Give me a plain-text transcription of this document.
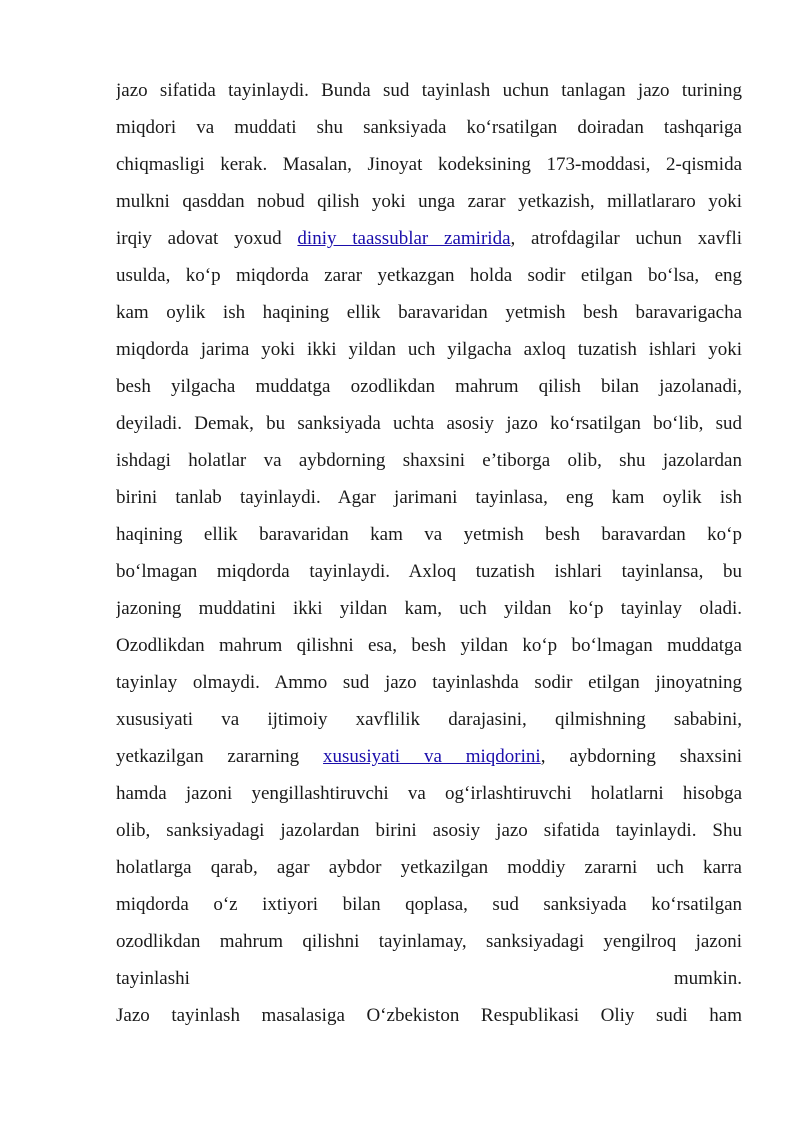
jazo sifatida tayinlaydi. Bunda sud tayinlash uchun tanlagan jazo turining
miqdori va muddati shu sanksiyada ko‘rsatilgan doiradan tashqariga
chiqmasligi kerak. Masalan, Jinoyat kodeksining 173-moddasi, 2-qismida
mulkni qasddan nobud qilish yoki unga zarar yetkazish, millatlararo yoki
irqiy adovat yoxud diniy taassublar zamirida, atrofdagilar uchun xavfli
usulda, ko‘p miqdorda zarar yetkazgan holda sodir etilgan bo‘lsa, eng
kam oylik ish haqining ellik baravaridan yetmish besh baravarigacha
miqdorda jarima yoki ikki yildan uch yilgacha axloq tuzatish ishlari yoki
besh yilgacha muddatga ozodlikdan mahrum qilish bilan jazolanadi,
deyiladi. Demak, bu sanksiyada uchta asosiy jazo ko‘rsatilgan bo‘lib, sud
ishdagi holatlar va aybdorning shaxsini e’tiborga olib, shu jazolardan
birini tanlab tayinlaydi. Agar jarimani tayinlasa, eng kam oylik ish
haqining ellik baravaridan kam va yetmish besh baravardan ko‘p
bo‘lmagan miqdorda tayinlaydi. Axloq tuzatish ishlari tayinlansa, bu
jazoning muddatini ikki yildan kam, uch yildan ko‘p tayinlay oladi.
Ozodlikdan mahrum qilishni esa, besh yildan ko‘p bo‘lmagan muddatga
tayinlay olmaydi. Ammo sud jazo tayinlashda sodir etilgan jinoyatning
xususiyati va ijtimoiy xavflilik darajasini, qilmishning sababini,
yetkazilgan zararning xususiyati va miqdorini, aybdorning shaxsini
hamda jazoni yengillashtiruvchi va og‘irlashtiruvchi holatlarni hisobga
olib, sanksiyadagi jazolardan birini asosiy jazo sifatida tayinlaydi. Shu
holatlarga qarab, agar aybdor yetkazilgan moddiy zararni uch karra
miqdorda o‘z ixtiyori bilan qoplasa, sud sanksiyada ko‘rsatilgan
ozodlikdan mahrum qilishni tayinlamay, sanksiyadagi yengilroq jazoni
tayinlashi mumkin.
Jazo tayinlash masalasiga O‘zbekiston Respublikasi Oliy sudi ham
